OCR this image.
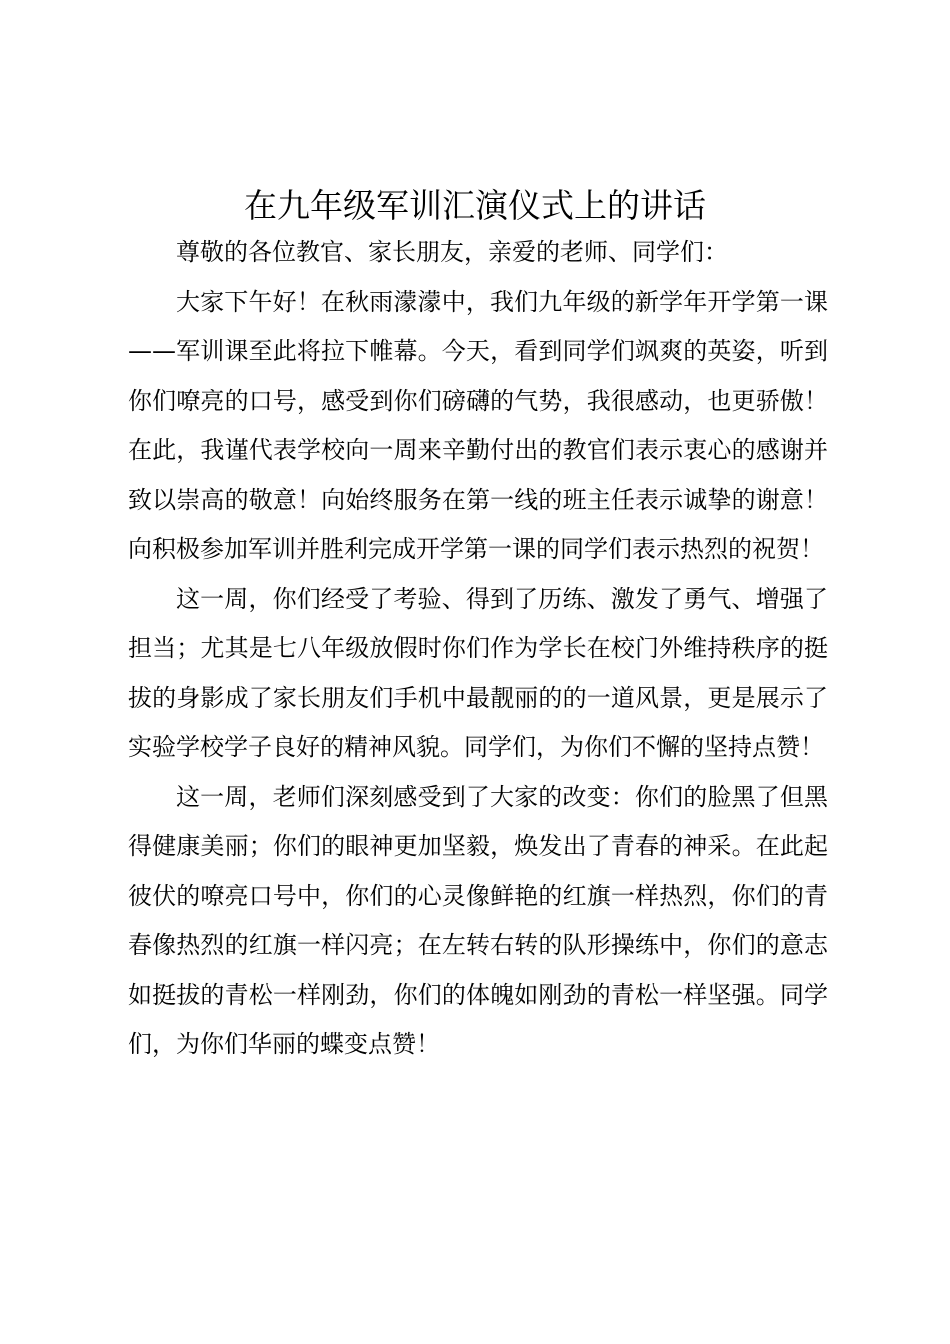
在九年级军训汇演仪式上的讲话

尊敬的各位教官、家长朋友，亲爱的老师、同学们：

大家下午好！在秋雨濛濛中，我们九年级的新学年开学第一课——军训课至此将拉下帷幕。今天，看到同学们飒爽的英姿，听到你们嘹亮的口号，感受到你们磅礴的气势，我很感动，也更骄傲！在此，我谨代表学校向一周来辛勤付出的教官们表示衷心的感谢并致以崇高的敬意！向始终服务在第一线的班主任表示诚挚的谢意！向积极参加军训并胜利完成开学第一课的同学们表示热烈的祝贺！

这一周，你们经受了考验、得到了历练、激发了勇气、增强了担当；尤其是七八年级放假时你们作为学长在校门外维持秩序的挺拔的身影成了家长朋友们手机中最靓丽的的一道风景，更是展示了实验学校学子良好的精神风貌。同学们，为你们不懈的坚持点赞！

这一周，老师们深刻感受到了大家的改变：你们的脸黑了但黑得健康美丽；你们的眼神更加坚毅，焕发出了青春的神采。在此起彼伏的嘹亮口号中，你们的心灵像鲜艳的红旗一样热烈，你们的青春像热烈的红旗一样闪亮；在左转右转的队形操练中，你们的意志如挺拔的青松一样刚劲，你们的体魄如刚劲的青松一样坚强。同学们，为你们华丽的蝶变点赞！
